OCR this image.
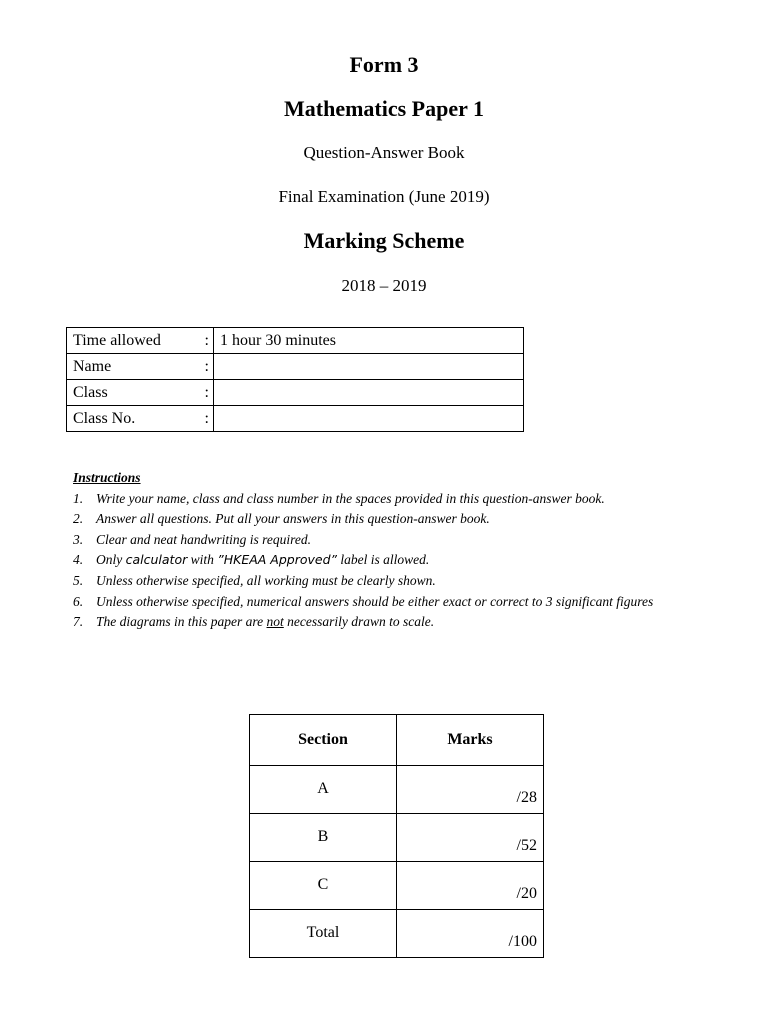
Form 3
Mathematics Paper 1
Question-Answer Book
Final Examination (June 2019)
Marking Scheme
2018 – 2019
Time allowed	:	1 hour 30 minutes
Name	:	
Class	:	
Class No.	:	
Instructions
1. Write your name, class and class number in the spaces provided in this question-answer book.
2. Answer all questions. Put all your answers in this question-answer book.
3. Clear and neat handwriting is required.
4. Only calculator with ”HKEAA Approved” label is allowed.
5. Unless otherwise specified, all working must be clearly shown.
6. Unless otherwise specified, numerical answers should be either exact or correct to 3 significant figures
7. The diagrams in this paper are not necessarily drawn to scale.
Section	Marks
A	/28
B	/52
C	/20
Total	/100
